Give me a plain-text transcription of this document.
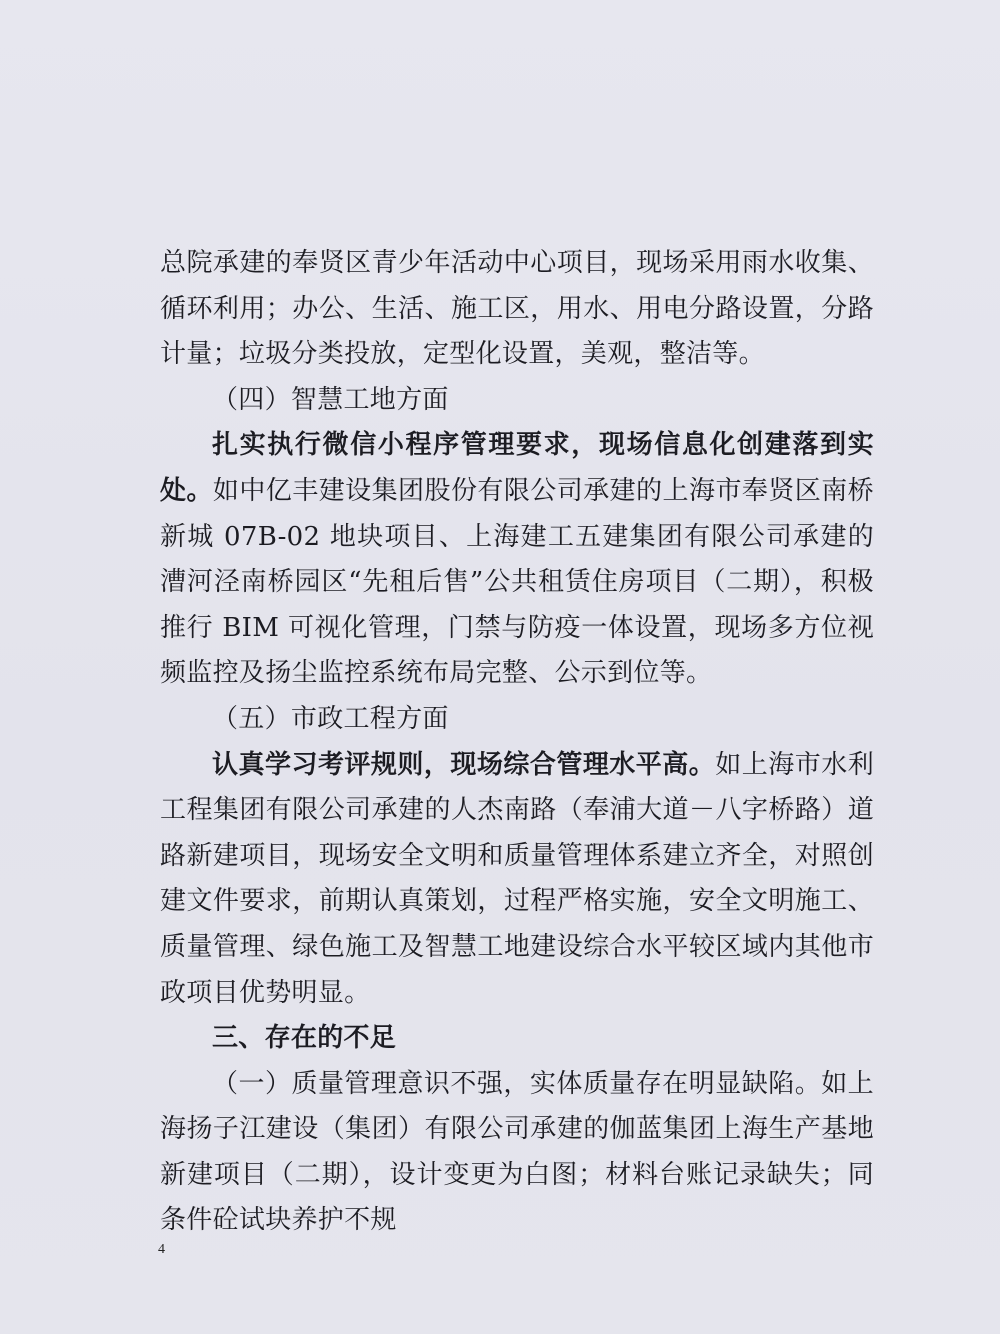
总院承建的奉贤区青少年活动中心项目，现场采用雨水收集、循环利用；办公、生活、施工区，用水、用电分路设置，分路计量；垃圾分类投放，定型化设置，美观，整洁等。

（四）智慧工地方面

扎实执行微信小程序管理要求，现场信息化创建落到实处。如中亿丰建设集团股份有限公司承建的上海市奉贤区南桥新城 07B-02 地块项目、上海建工五建集团有限公司承建的漕河泾南桥园区“先租后售”公共租赁住房项目（二期），积极推行 BIM 可视化管理，门禁与防疫一体设置，现场多方位视频监控及扬尘监控系统布局完整、公示到位等。

（五）市政工程方面

认真学习考评规则，现场综合管理水平高。如上海市水利工程集团有限公司承建的人杰南路（奉浦大道－八字桥路）道路新建项目，现场安全文明和质量管理体系建立齐全，对照创建文件要求，前期认真策划，过程严格实施，安全文明施工、质量管理、绿色施工及智慧工地建设综合水平较区域内其他市政项目优势明显。

三、存在的不足

（一）质量管理意识不强，实体质量存在明显缺陷。如上海扬子江建设（集团）有限公司承建的伽蓝集团上海生产基地新建项目（二期），设计变更为白图；材料台账记录缺失；同条件砼试块养护不规

4
